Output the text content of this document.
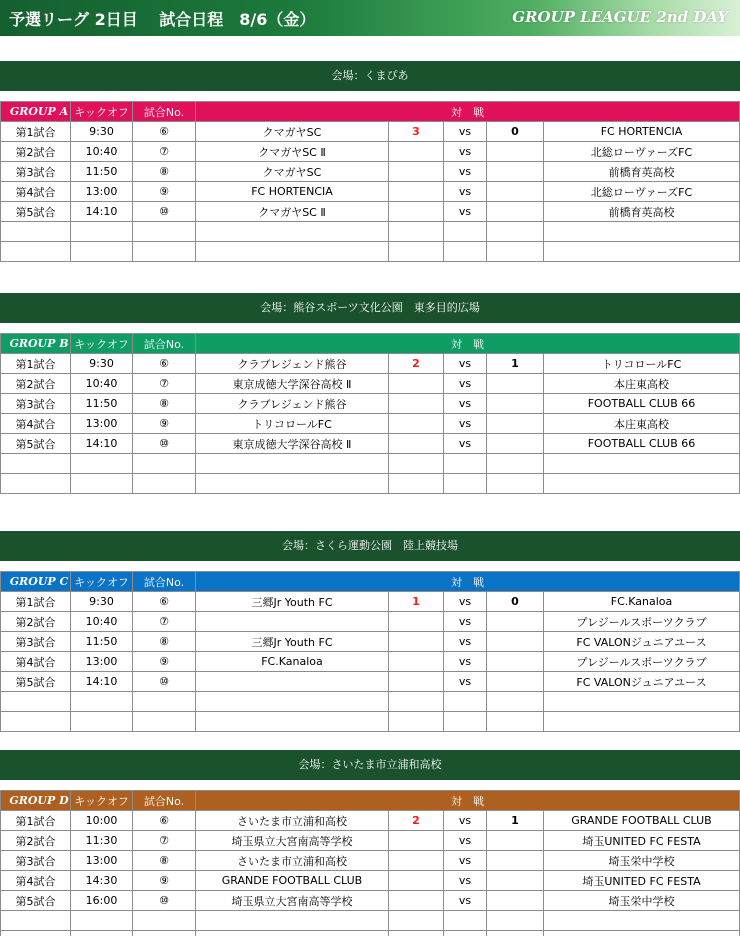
予選リーグ 2日目　 試合日程　8/6（金）	GROUP LEAGUE 2nd DAY
会場：くまぴあ
GROUP A	キックオフ	試合No.	対　戦				
第1試合	9:30	⑥	クマガヤSC	3	vs	0	FC HORTENCIA
第2試合	10:40	⑦	クマガヤSC Ⅱ		vs		北総ローヴァーズFC
第3試合	11:50	⑧	クマガヤSC		vs		前橋育英高校
第4試合	13:00	⑨	FC HORTENCIA		vs		北総ローヴァーズFC
第5試合	14:10	⑩	クマガヤSC Ⅱ		vs		前橋育英高校

会場：熊谷スポーツ文化公園　東多目的広場
GROUP B	キックオフ	試合No.	対　戦				
第1試合	9:30	⑥	クラブレジェンド熊谷	2	vs	1	トリコロールFC
第2試合	10:40	⑦	東京成徳大学深谷高校 Ⅱ		vs		本庄東高校
第3試合	11:50	⑧	クラブレジェンド熊谷		vs		FOOTBALL CLUB 66
第4試合	13:00	⑨	トリコロールFC		vs		本庄東高校
第5試合	14:10	⑩	東京成徳大学深谷高校 Ⅱ		vs		FOOTBALL CLUB 66

会場：さくら運動公園　陸上競技場
GROUP C	キックオフ	試合No.	対　戦				
第1試合	9:30	⑥	三郷Jr Youth FC	1	vs	0	FC.Kanaloa
第2試合	10:40	⑦			vs		プレジールスポーツクラブ
第3試合	11:50	⑧	三郷Jr Youth FC		vs		FC VALONジュニアユース
第4試合	13:00	⑨	FC.Kanaloa		vs		プレジールスポーツクラブ
第5試合	14:10	⑩			vs		FC VALONジュニアユース

会場：さいたま市立浦和高校
GROUP D	キックオフ	試合No.	対　戦				
第1試合	10:00	⑥	さいたま市立浦和高校	2	vs	1	GRANDE FOOTBALL CLUB
第2試合	11:30	⑦	埼玉県立大宮南高等学校		vs		埼玉UNITED FC FESTA
第3試合	13:00	⑧	さいたま市立浦和高校		vs		埼玉栄中学校
第4試合	14:30	⑨	GRANDE FOOTBALL CLUB		vs		埼玉UNITED FC FESTA
第5試合	16:00	⑩	埼玉県立大宮南高等学校		vs		埼玉栄中学校
